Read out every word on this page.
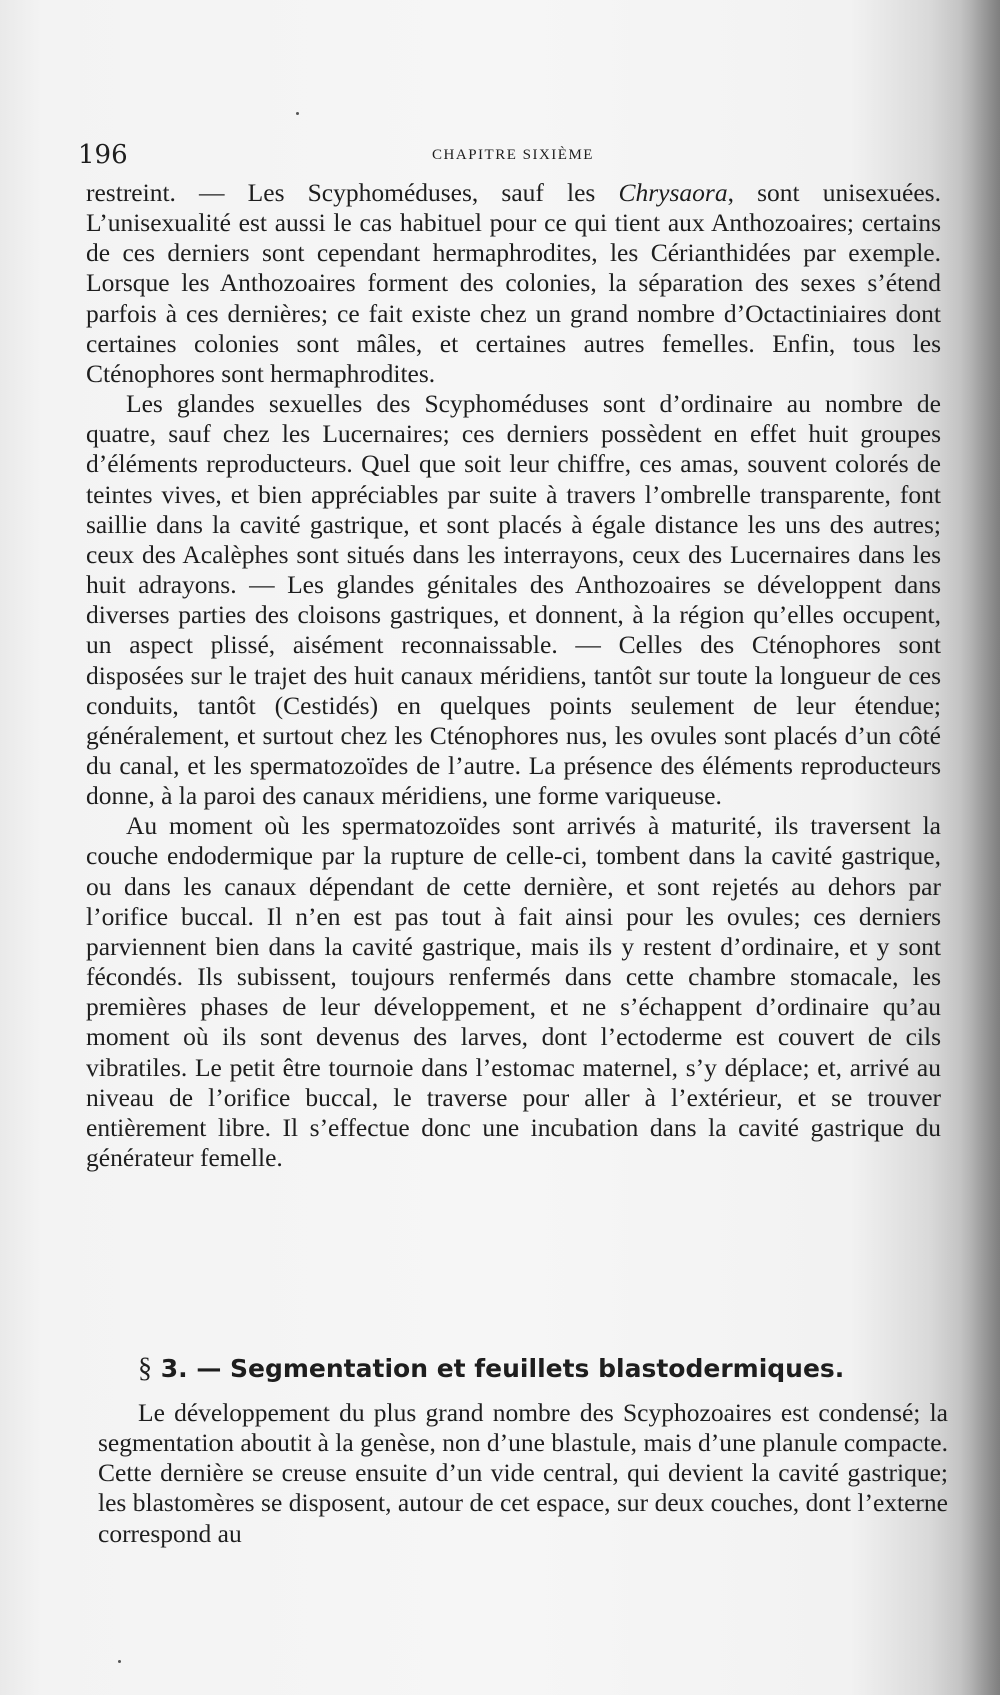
196	CHAPITRE SIXIÈME

restreint. — Les Scyphoméduses, sauf les Chrysaora, sont unisexuées. L’unisexualité est aussi le cas habituel pour ce qui tient aux Anthozoaires; certains de ces derniers sont cependant hermaphrodites, les Cérianthidées par exemple. Lorsque les Anthozoaires forment des colonies, la séparation des sexes s’étend parfois à ces dernières; ce fait existe chez un grand nombre d’Octactiniaires dont certaines colonies sont mâles, et certaines autres femelles. Enfin, tous les Cténophores sont hermaphrodites.

Les glandes sexuelles des Scyphoméduses sont d’ordinaire au nombre de quatre, sauf chez les Lucernaires; ces derniers possèdent en effet huit groupes d’éléments reproducteurs. Quel que soit leur chiffre, ces amas, souvent colorés de teintes vives, et bien appréciables par suite à travers l’ombrelle transparente, font saillie dans la cavité gastrique, et sont placés à égale distance les uns des autres; ceux des Acalèphes sont situés dans les interrayons, ceux des Lucernaires dans les huit adrayons. — Les glandes génitales des Anthozoaires se développent dans diverses parties des cloisons gastriques, et donnent, à la région qu’elles occupent, un aspect plissé, aisément reconnaissable. — Celles des Cténophores sont disposées sur le trajet des huit canaux méridiens, tantôt sur toute la longueur de ces conduits, tantôt (Cestidés) en quelques points seulement de leur étendue; généralement, et surtout chez les Cténophores nus, les ovules sont placés d’un côté du canal, et les spermatozoïdes de l’autre. La présence des éléments reproducteurs donne, à la paroi des canaux méridiens, une forme variqueuse.

Au moment où les spermatozoïdes sont arrivés à maturité, ils traversent la couche endodermique par la rupture de celle-ci, tombent dans la cavité gastrique, ou dans les canaux dépendant de cette dernière, et sont rejetés au dehors par l’orifice buccal. Il n’en est pas tout à fait ainsi pour les ovules; ces derniers parviennent bien dans la cavité gastrique, mais ils y restent d’ordinaire, et y sont fécondés. Ils subissent, toujours renfermés dans cette chambre stomacale, les premières phases de leur développement, et ne s’échappent d’ordinaire qu’au moment où ils sont devenus des larves, dont l’ectoderme est couvert de cils vibratiles. Le petit être tournoie dans l’estomac maternel, s’y déplace; et, arrivé au niveau de l’orifice buccal, le traverse pour aller à l’extérieur, et se trouver entièrement libre. Il s’effectue donc une incubation dans la cavité gastrique du générateur femelle.

§ 3. — Segmentation et feuillets blastodermiques.

Le développement du plus grand nombre des Scyphozoaires est condensé; la segmentation aboutit à la genèse, non d’une blastule, mais d’une planule compacte. Cette dernière se creuse ensuite d’un vide central, qui devient la cavité gastrique; les blastomères se disposent, autour de cet espace, sur deux couches, dont l’externe correspond au
